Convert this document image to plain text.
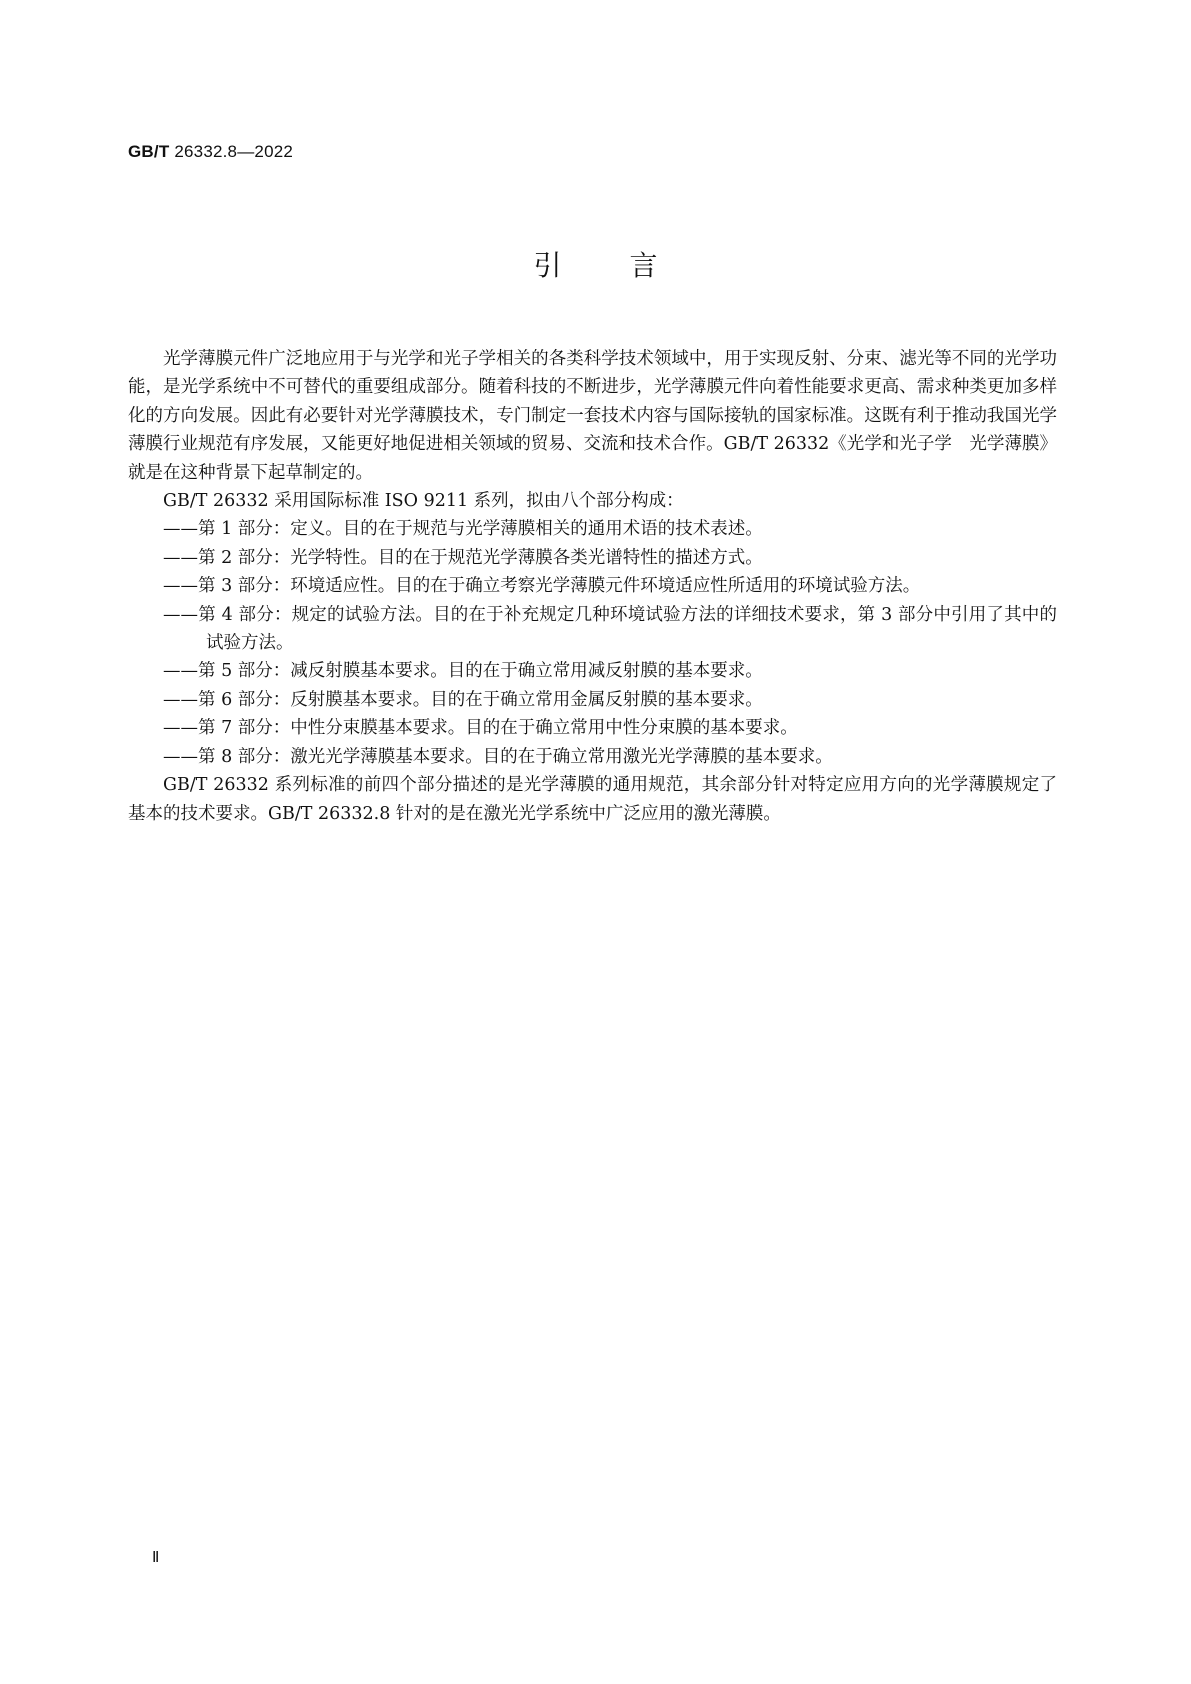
GB/T 26332.8—2022
引 言

光学薄膜元件广泛地应用于与光学和光子学相关的各类科学技术领域中，用于实现反射、分束、滤光等不同的光学功能，是光学系统中不可替代的重要组成部分。随着科技的不断进步，光学薄膜元件向着性能要求更高、需求种类更加多样化的方向发展。因此有必要针对光学薄膜技术，专门制定一套技术内容与国际接轨的国家标准。这既有利于推动我国光学薄膜行业规范有序发展，又能更好地促进相关领域的贸易、交流和技术合作。GB/T 26332《光学和光子学　光学薄膜》就是在这种背景下起草制定的。

GB/T 26332 采用国际标准 ISO 9211 系列，拟由八个部分构成：

——第 1 部分：定义。目的在于规范与光学薄膜相关的通用术语的技术表述。

——第 2 部分：光学特性。目的在于规范光学薄膜各类光谱特性的描述方式。

——第 3 部分：环境适应性。目的在于确立考察光学薄膜元件环境适应性所适用的环境试验方法。

——第 4 部分：规定的试验方法。目的在于补充规定几种环境试验方法的详细技术要求，第 3 部分中引用了其中的试验方法。

——第 5 部分：减反射膜基本要求。目的在于确立常用减反射膜的基本要求。

——第 6 部分：反射膜基本要求。目的在于确立常用金属反射膜的基本要求。

——第 7 部分：中性分束膜基本要求。目的在于确立常用中性分束膜的基本要求。

——第 8 部分：激光光学薄膜基本要求。目的在于确立常用激光光学薄膜的基本要求。

GB/T 26332 系列标准的前四个部分描述的是光学薄膜的通用规范，其余部分针对特定应用方向的光学薄膜规定了基本的技术要求。GB/T 26332.8 针对的是在激光光学系统中广泛应用的激光薄膜。

Ⅱ
